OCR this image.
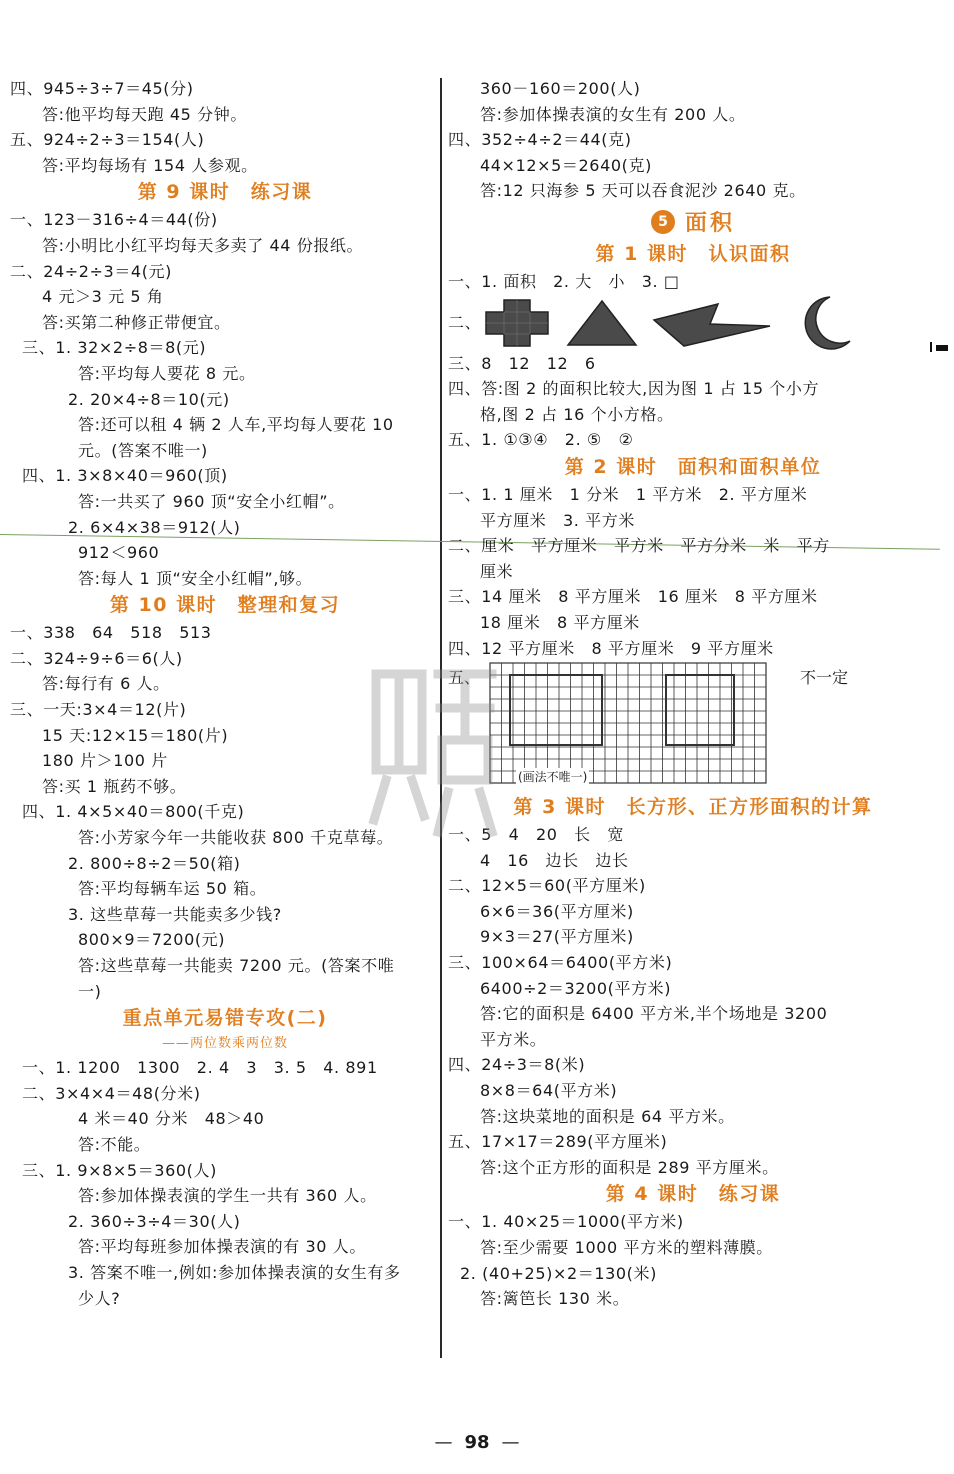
四、945÷3÷7＝45(分)
答:他平均每天跑 45 分钟。
五、924÷2÷3＝154(人)
答:平均每场有 154 人参观。
第 9 课时　练习课
一、123－316÷4＝44(份)
答:小明比小红平均每天多卖了 44 份报纸。
二、24÷2÷3＝4(元)
4 元＞3 元 5 角
答:买第二种修正带便宜。
三、1. 32×2÷8＝8(元)
答:平均每人要花 8 元。
2. 20×4÷8＝10(元)
答:还可以租 4 辆 2 人车,平均每人要花 10
元。(答案不唯一)
四、1. 3×8×40＝960(顶)
答:一共买了 960 顶“安全小红帽”。
2. 6×4×38＝912(人)
912＜960
答:每人 1 顶“安全小红帽”,够。
第 10 课时　整理和复习
一、338　64　518　513
二、324÷9÷6＝6(人)
答:每行有 6 人。
三、一天:3×4＝12(片)
15 天:12×15＝180(片)
180 片＞100 片
答:买 1 瓶药不够。
四、1. 4×5×40＝800(千克)
答:小芳家今年一共能收获 800 千克草莓。
2. 800÷8÷2＝50(箱)
答:平均每辆车运 50 箱。
3. 这些草莓一共能卖多少钱?
800×9＝7200(元)
答:这些草莓一共能卖 7200 元。(答案不唯
一)
重点单元易错专攻(二)
——两位数乘两位数
一、1. 1200　1300　2. 4　3　3. 5　4. 891
二、3×4×4＝48(分米)
4 米＝40 分米　48＞40
答:不能。
三、1. 9×8×5＝360(人)
答:参加体操表演的学生一共有 360 人。
2. 360÷3÷4＝30(人)
答:平均每班参加体操表演的有 30 人。
3. 答案不唯一,例如:参加体操表演的女生有多
少人?
360－160＝200(人)
答:参加体操表演的女生有 200 人。
四、352÷4÷2＝44(克)
44×12×5＝2640(克)
答:12 只海参 5 天可以吞食泥沙 2640 克。
5 面积
第 1 课时　认识面积
一、1. 面积　2. 大　小　3. □
二、
三、8　12　12　6
四、答:图 2 的面积比较大,因为图 1 占 15 个小方
格,图 2 占 16 个小方格。
五、1. ①③④　2. ⑤　②
第 2 课时　面积和面积单位
一、1. 1 厘米　1 分米　1 平方米　2. 平方厘米
平方厘米　3. 平方米
二、厘米　平方厘米　平方米　平方分米　米　平方
厘米
三、14 厘米　8 平方厘米　16 厘米　8 平方厘米
18 厘米　8 平方厘米
四、12 平方厘米　8 平方厘米　9 平方厘米
五、
(画法不唯一)
不一定
第 3 课时　长方形、正方形面积的计算
一、5　4　20　长　宽
4　16　边长　边长
二、12×5＝60(平方厘米)
6×6＝36(平方厘米)
9×3＝27(平方厘米)
三、100×64＝6400(平方米)
6400÷2＝3200(平方米)
答:它的面积是 6400 平方米,半个场地是 3200
平方米。
四、24÷3＝8(米)
8×8＝64(平方米)
答:这块菜地的面积是 64 平方米。
五、17×17＝289(平方厘米)
答:这个正方形的面积是 289 平方厘米。
第 4 课时　练习课
一、1. 40×25＝1000(平方米)
答:至少需要 1000 平方米的塑料薄膜。
2. (40+25)×2＝130(米)
答:篱笆长 130 米。
— 98 —
